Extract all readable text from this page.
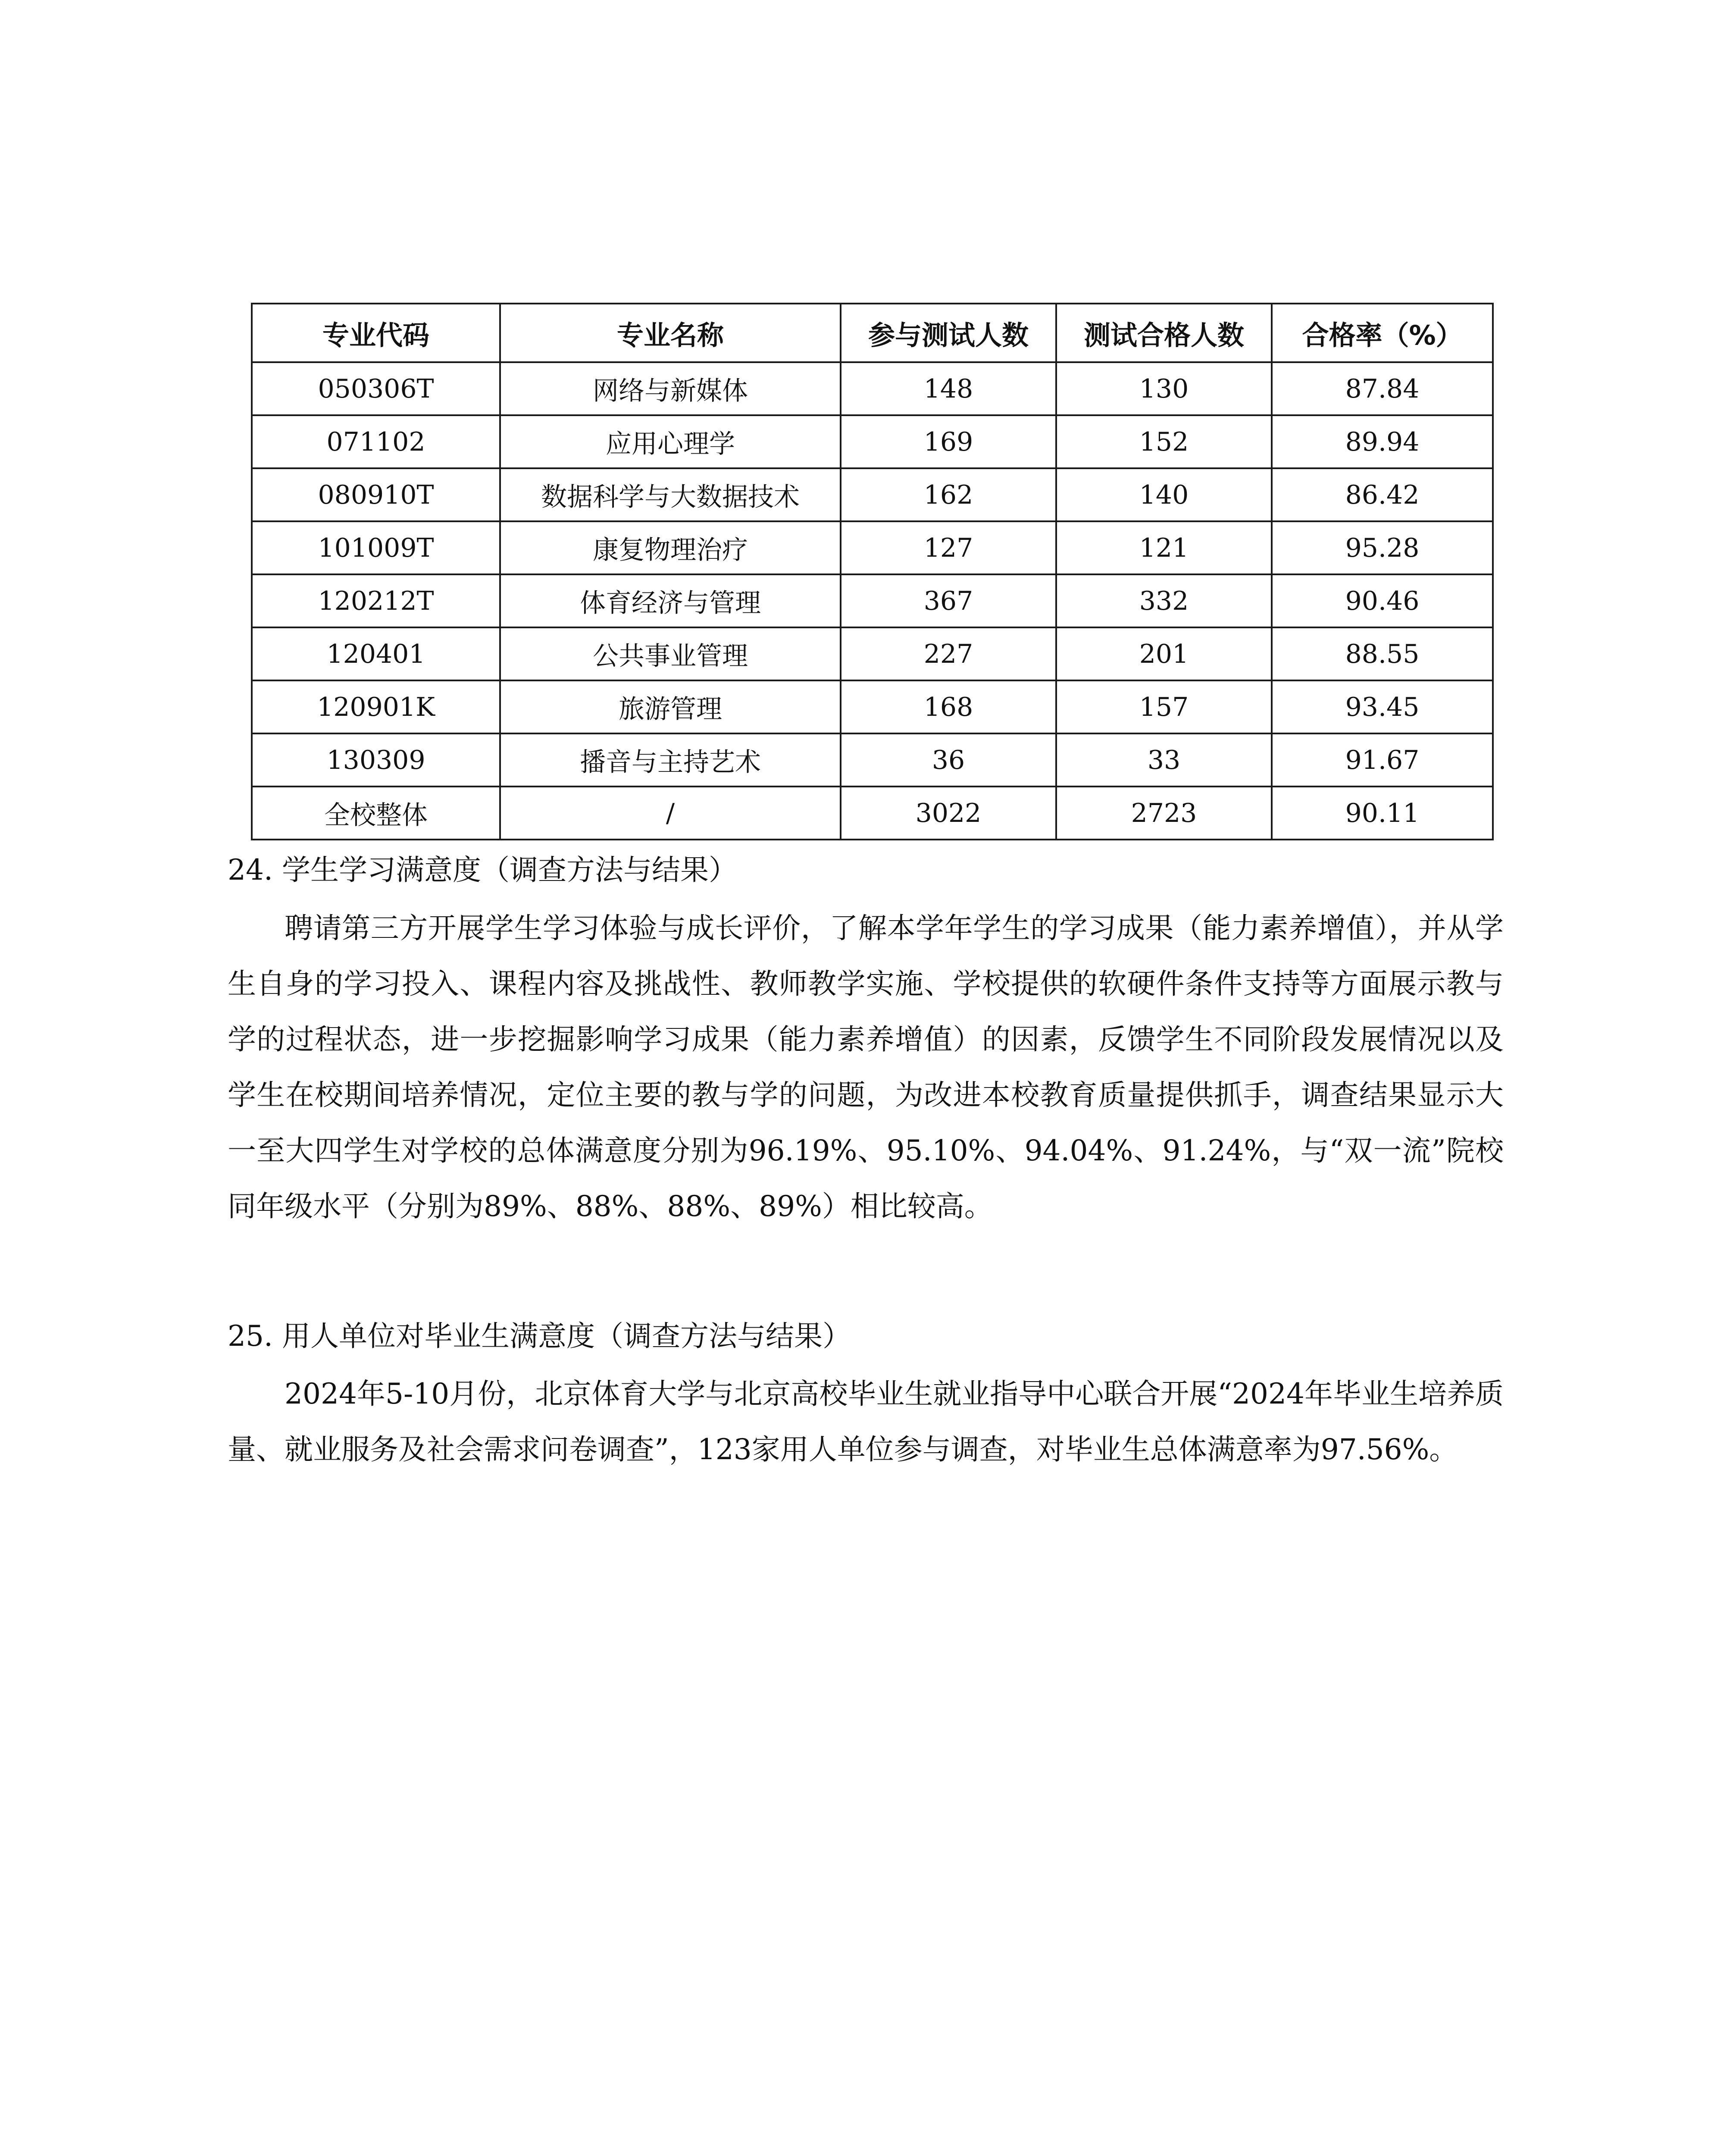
专业代码	专业名称	参与测试人数	测试合格人数	合格率（%）
050306T	网络与新媒体	148	130	87.84
071102	应用心理学	169	152	89.94
080910T	数据科学与大数据技术	162	140	86.42
101009T	康复物理治疗	127	121	95.28
120212T	体育经济与管理	367	332	90.46
120401	公共事业管理	227	201	88.55
120901K	旅游管理	168	157	93.45
130309	播音与主持艺术	36	33	91.67
全校整体	/	3022	2723	90.11
24. 学生学习满意度（调查方法与结果）

聘请第三方开展学生学习体验与成长评价，了解本学年学生的学习成果（能力素养增值），并从学生自身的学习投入、课程内容及挑战性、教师教学实施、学校提供的软硬件条件支持等方面展示教与学的过程状态，进一步挖掘影响学习成果（能力素养增值）的因素，反馈学生不同阶段发展情况以及学生在校期间培养情况，定位主要的教与学的问题，为改进本校教育质量提供抓手，调查结果显示大一至大四学生对学校的总体满意度分别为96.19%、95.10%、94.04%、91.24%，与“双一流”院校同年级水平（分别为89%、88%、88%、89%）相比较高。

25. 用人单位对毕业生满意度（调查方法与结果）

2024年5-10月份，北京体育大学与北京高校毕业生就业指导中心联合开展“2024年毕业生培养质量、就业服务及社会需求问卷调查”，123家用人单位参与调查，对毕业生总体满意率为97.56%。
